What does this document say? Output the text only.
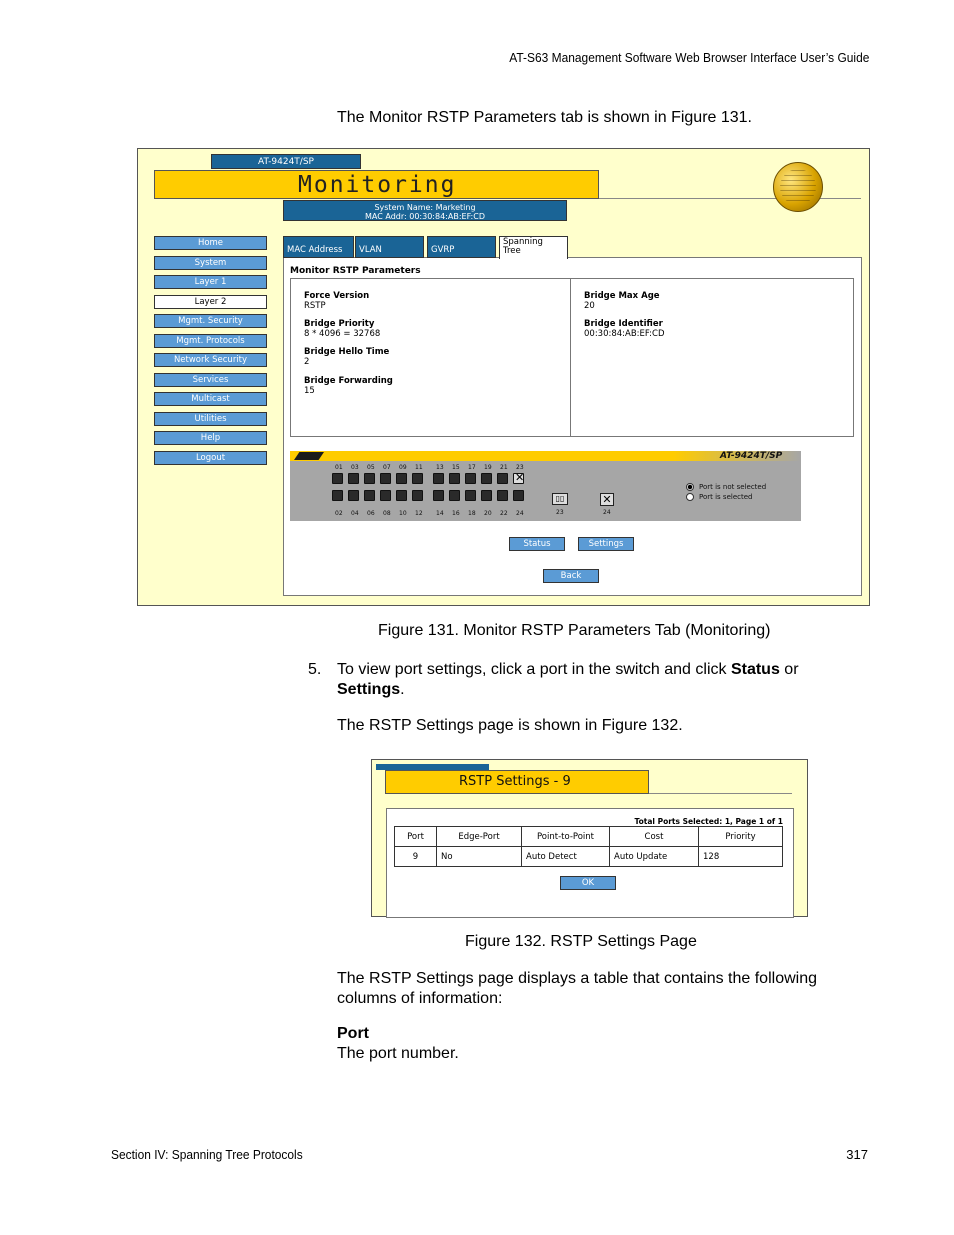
AT-S63 Management Software Web Browser Interface User’s Guide
The Monitor RSTP Parameters tab is shown in Figure 131.
AT-9424T/SP
Monitoring
System Name: Marketing
MAC Addr: 00:30:84:AB:EF:CD
Home
System
Layer 1
Layer 2
Mgmt. Security
Mgmt. Protocols
Network Security
Services
Multicast
Utilities
Help
Logout
MAC Address	VLAN	GVRP
Spanning
Tree
Monitor RSTP Parameters
Force Version
RSTP
Bridge Priority
8 * 4096 = 32768
Bridge Hello Time
2
Bridge Forwarding
15
Bridge Max Age
20
Bridge Identifier
00:30:84:AB:EF:CD
AT-9424T/SP
01 03 05 07 09 11 13 15 17 19 21 23
✕
02 04 06 08 10 12 14 16 18 20 22 24
▯▯
23
✕
24
Port is not selected
Port is selected
Status	Settings
Back
Figure 131. Monitor RSTP Parameters Tab (Monitoring)
5. To view port settings, click a port in the switch and click Status or
Settings.
The RSTP Settings page is shown in Figure 132.
RSTP Settings - 9
Total Ports Selected: 1, Page 1 of 1
Port	Edge-Port	Point-to-Point	Cost	Priority
9	No	Auto Detect	Auto Update	128
OK
Figure 132. RSTP Settings Page
The RSTP Settings page displays a table that contains the following
columns of information:
Port
The port number.
Section IV: Spanning Tree Protocols	317
